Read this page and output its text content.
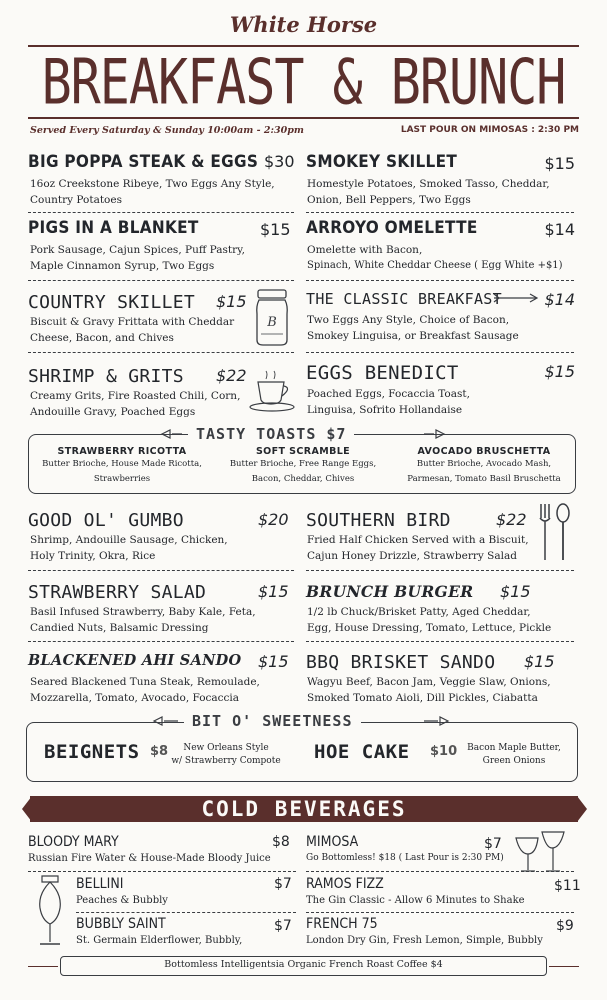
White Horse
BREAKFAST & BRUNCH
Served Every Saturday & Sunday 10:00am - 2:30pm	LAST POUR ON MIMOSAS : 2:30 PM
BIG POPPA STEAK & EGGS $30
16oz Creekstone Ribeye, Two Eggs Any Style, Country Potatoes
SMOKEY SKILLET	$15
Homestyle Potatoes, Smoked Tasso, Cheddar, Onion, Bell Peppers, Two Eggs
PIGS IN A BLANKET	$15
Pork Sausage, Cajun Spices, Puff Pastry, Maple Cinnamon Syrup, Two Eggs
ARROYO OMELETTE	$14
Omelette with Bacon,
Spinach, White Cheddar Cheese ( Egg White +$1)
COUNTRY SKILLET $15
Biscuit & Gravy Frittata with Cheddar Cheese, Bacon, and Chives
B
THE CLASSIC BREAKFAST	$14
Two Eggs Any Style, Choice of Bacon, Smokey Linguisa, or Breakfast Sausage
SHRIMP & GRITS $22
Creamy Grits, Fire Roasted Chili, Corn, Andouille Gravy, Poached Eggs
EGGS BENEDICT	$15
Poached Eggs, Focaccia Toast, Linguisa, Sofrito Hollandaise
TASTY TOASTS $7
STRAWBERRY RICOTTA
Butter Brioche, House Made Ricotta,
Strawberries
SOFT SCRAMBLE
Butter Brioche, Free Range Eggs,
Bacon, Cheddar, Chives
AVOCADO BRUSCHETTA
Butter Brioche, Avocado Mash,
Parmesan, Tomato Basil Bruschetta
GOOD OL' GUMBO	$20
Shrimp, Andouille Sausage, Chicken, Holy Trinity, Okra, Rice
SOUTHERN BIRD	$22
Fried Half Chicken Served with a Biscuit, Cajun Honey Drizzle, Strawberry Salad
STRAWBERRY SALAD	$15
Basil Infused Strawberry, Baby Kale, Feta, Candied Nuts, Balsamic Dressing
BRUNCH BURGER $15
1/2 lb Chuck/Brisket Patty, Aged Cheddar, Egg, House Dressing, Tomato, Lettuce, Pickle
BLACKENED AHI SANDO $15
Seared Blackened Tuna Steak, Remoulade, Mozzarella, Tomato, Avocado, Focaccia
BBQ BRISKET SANDO $15
Wagyu Beef, Bacon Jam, Veggie Slaw, Onions, Smoked Tomato Aioli, Dill Pickles, Ciabatta
BIT O' SWEETNESS
BEIGNETS $8	New Orleans Style
w/ Strawberry Compote HOE CAKE $10	Bacon Maple Butter,
Green Onions
COLD BEVERAGES
BLOODY MARY	$8
Russian Fire Water & House-Made Bloody Juice
MIMOSA	$7
Go Bottomless! $18 ( Last Pour is 2:30 PM)
BELLINI	$7
Peaches & Bubbly
RAMOS FIZZ	$11
The Gin Classic - Allow 6 Minutes to Shake
BUBBLY SAINT	$7
St. Germain Elderflower, Bubbly,
FRENCH 75	$9
London Dry Gin, Fresh Lemon, Simple, Bubbly
Bottomless Intelligentsia Organic French Roast Coffee $4
